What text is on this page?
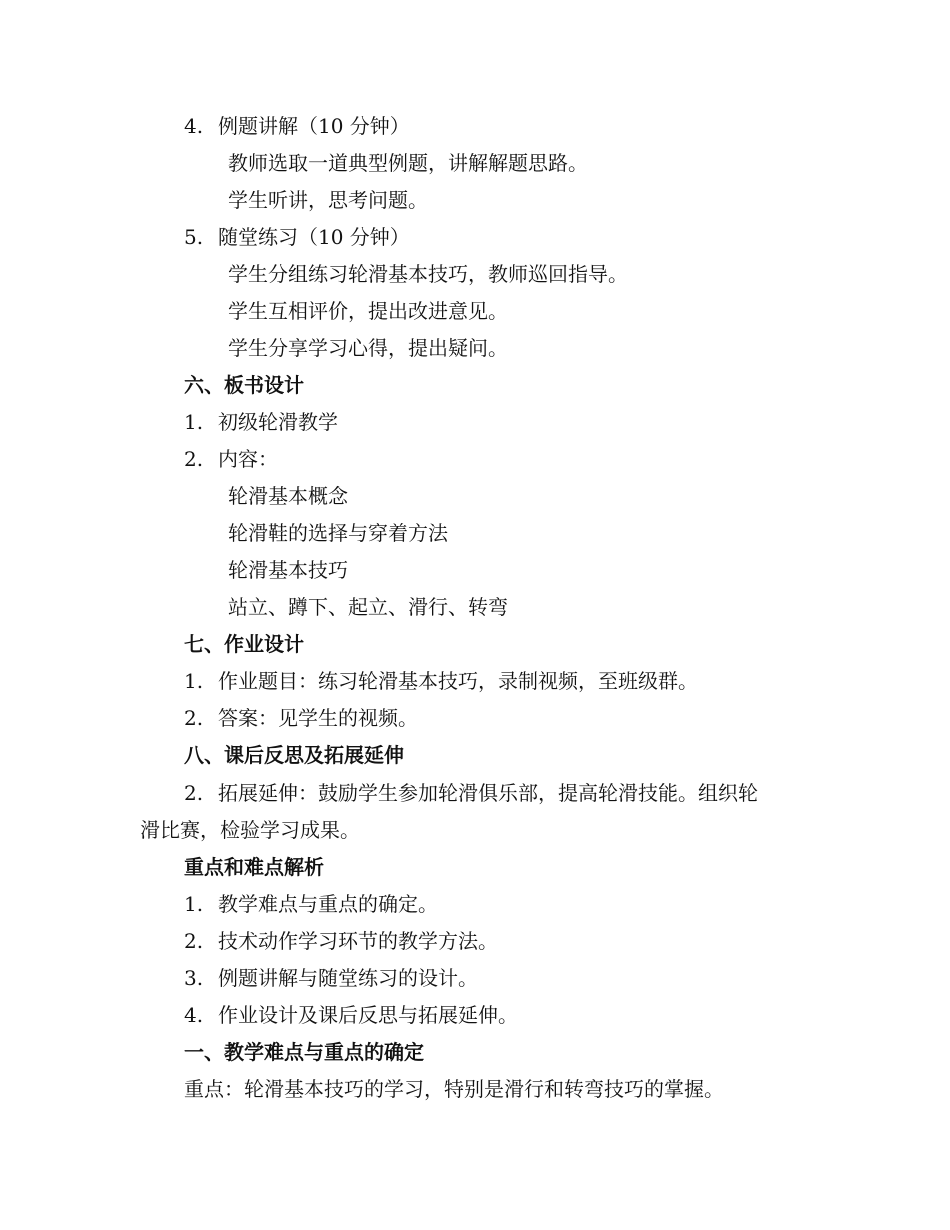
4. 例题讲解（10 分钟）
教师选取一道典型例题，讲解解题思路。
学生听讲，思考问题。
5. 随堂练习（10 分钟）
学生分组练习轮滑基本技巧，教师巡回指导。
学生互相评价，提出改进意见。
学生分享学习心得，提出疑问。
六、板书设计
1. 初级轮滑教学
2. 内容：
轮滑基本概念
轮滑鞋的选择与穿着方法
轮滑基本技巧
站立、蹲下、起立、滑行、转弯
七、作业设计
1. 作业题目：练习轮滑基本技巧，录制视频，至班级群。
2. 答案：见学生的视频。
八、课后反思及拓展延伸
2. 拓展延伸：鼓励学生参加轮滑俱乐部，提高轮滑技能。组织轮
滑比赛，检验学习成果。
重点和难点解析
1. 教学难点与重点的确定。
2. 技术动作学习环节的教学方法。
3. 例题讲解与随堂练习的设计。
4. 作业设计及课后反思与拓展延伸。
一、教学难点与重点的确定
重点：轮滑基本技巧的学习，特别是滑行和转弯技巧的掌握。
